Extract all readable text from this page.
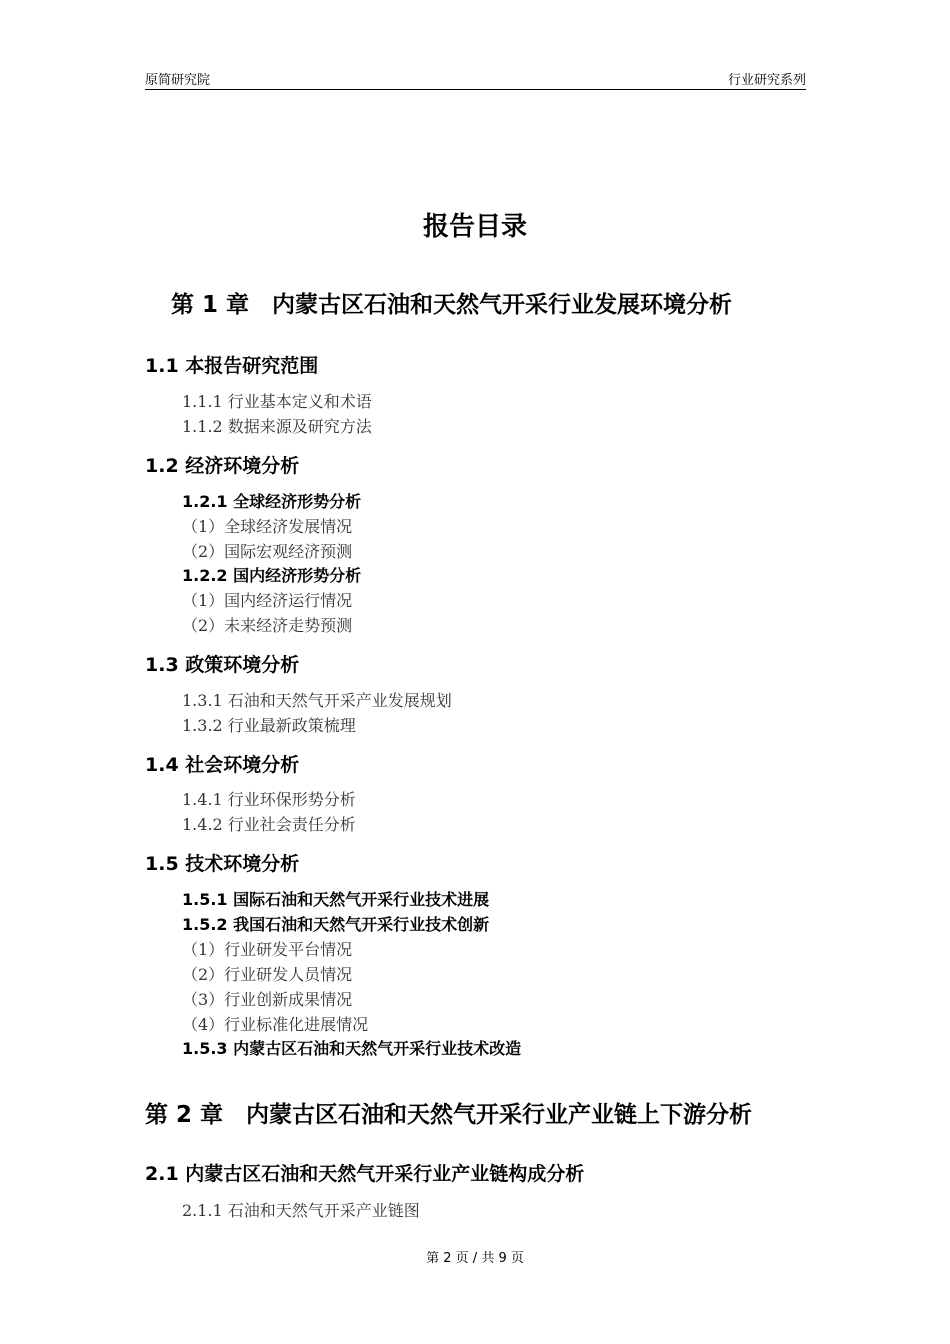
原简研究院	行业研究系列
报告目录
第 1 章　内蒙古区石油和天然气开采行业发展环境分析
1.1 本报告研究范围
1.1.1 行业基本定义和术语
1.1.2 数据来源及研究方法
1.2 经济环境分析
1.2.1 全球经济形势分析
（1）全球经济发展情况
（2）国际宏观经济预测
1.2.2 国内经济形势分析
（1）国内经济运行情况
（2）未来经济走势预测
1.3 政策环境分析
1.3.1 石油和天然气开采产业发展规划
1.3.2 行业最新政策梳理
1.4 社会环境分析
1.4.1 行业环保形势分析
1.4.2 行业社会责任分析
1.5 技术环境分析
1.5.1 国际石油和天然气开采行业技术进展
1.5.2 我国石油和天然气开采行业技术创新
（1）行业研发平台情况
（2）行业研发人员情况
（3）行业创新成果情况
（4）行业标准化进展情况
1.5.3 内蒙古区石油和天然气开采行业技术改造
第 2 章　内蒙古区石油和天然气开采行业产业链上下游分析
2.1 内蒙古区石油和天然气开采行业产业链构成分析
2.1.1 石油和天然气开采产业链图
第 2 页 / 共 9 页
